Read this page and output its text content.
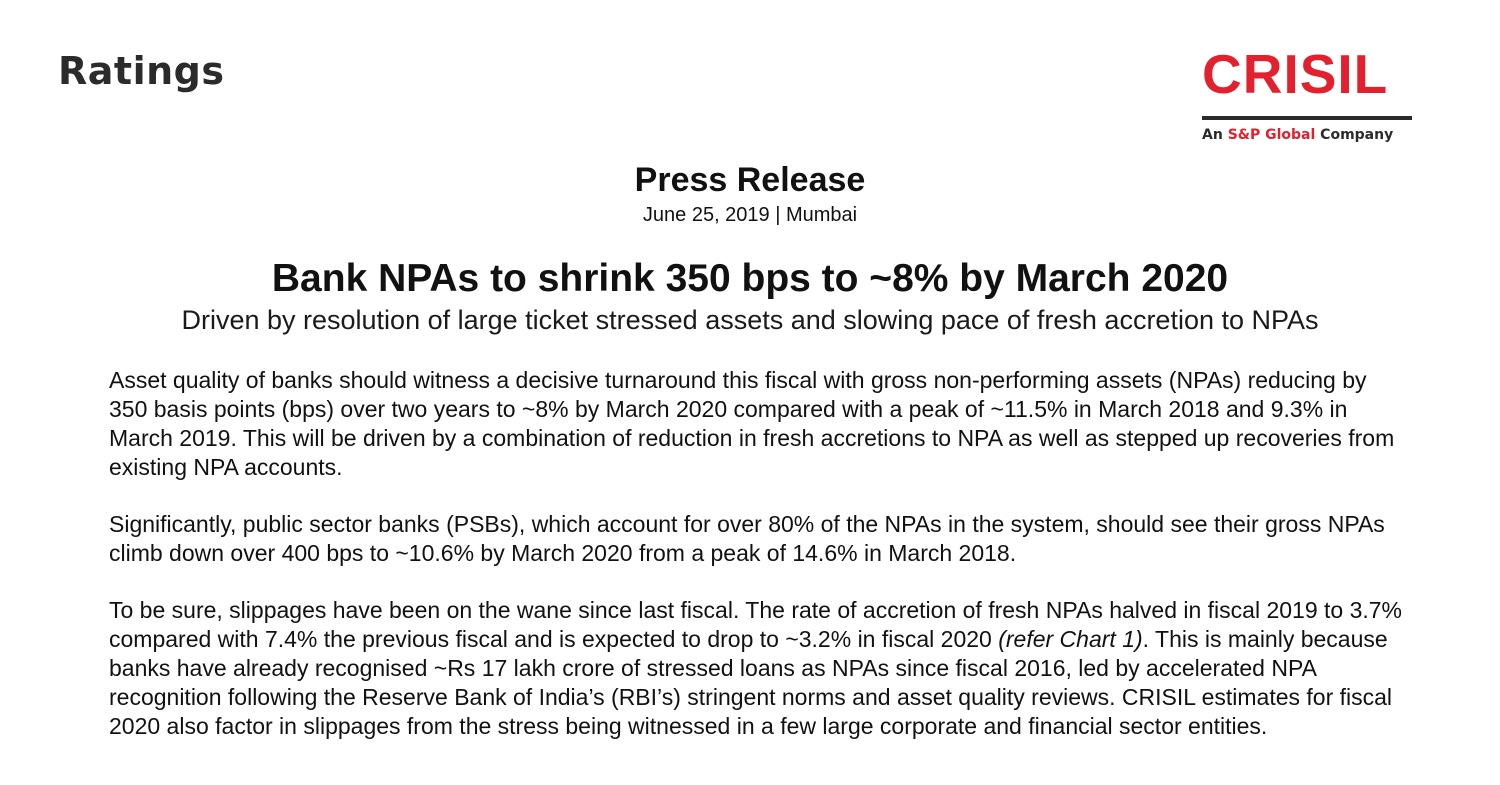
Ratings	CRISIL
An S&P Global Company
Press Release
June 25, 2019 | Mumbai
Bank NPAs to shrink 350 bps to ~8% by March 2020
Driven by resolution of large ticket stressed assets and slowing pace of fresh accretion to NPAs

Asset quality of banks should witness a decisive turnaround this fiscal with gross non-performing assets (NPAs) reducing by 350 basis points (bps) over two years to ~8% by March 2020 compared with a peak of ~11.5% in March 2018 and 9.3% in March 2019. This will be driven by a combination of reduction in fresh accretions to NPA as well as stepped up recoveries from existing NPA accounts.

Significantly, public sector banks (PSBs), which account for over 80% of the NPAs in the system, should see their gross NPAs climb down over 400 bps to ~10.6% by March 2020 from a peak of 14.6% in March 2018.

To be sure, slippages have been on the wane since last fiscal. The rate of accretion of fresh NPAs halved in fiscal 2019 to 3.7% compared with 7.4% the previous fiscal and is expected to drop to ~3.2% in fiscal 2020 (refer Chart 1). This is mainly because banks have already recognised ~Rs 17 lakh crore of stressed loans as NPAs since fiscal 2016, led by accelerated NPA recognition following the Reserve Bank of India’s (RBI’s) stringent norms and asset quality reviews. CRISIL estimates for fiscal 2020 also factor in slippages from the stress being witnessed in a few large corporate and financial sector entities.
